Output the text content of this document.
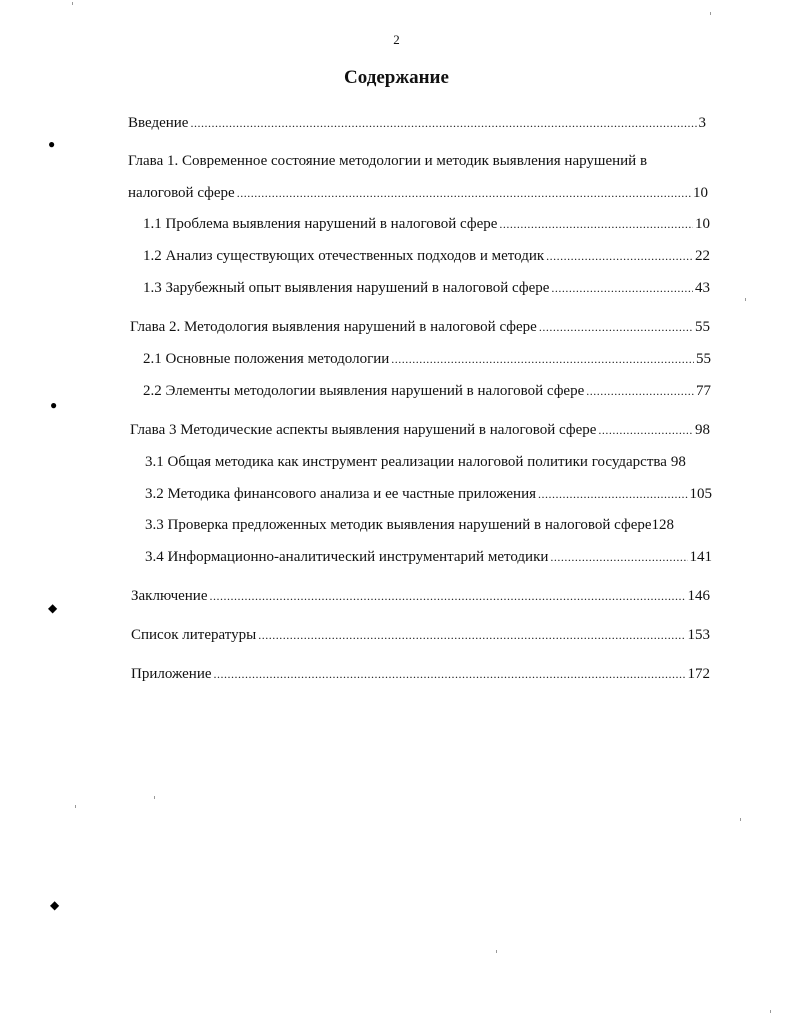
2
Содержание
Введение .....	3
Глава 1. Современное состояние методологии и методик выявления нарушений в
налоговой сфере .....	10
1.1 Проблема выявления нарушений в налоговой сфере .....	10
1.2 Анализ существующих отечественных подходов и методик .....	22
1.3 Зарубежный опыт выявления нарушений в налоговой сфере .....	43
Глава 2. Методология выявления нарушений в налоговой сфере .....	55
2.1 Основные положения методологии .....	55
2.2 Элементы методологии выявления нарушений в налоговой сфере .....	77
Глава 3 Методические аспекты выявления нарушений в налоговой сфере .....	98
3.1 Общая методика как инструмент реализации налоговой политики государства 98
3.2 Методика финансового анализа и ее частные приложения .....	105
3.3 Проверка предложенных методик выявления нарушений в налоговой сфере 128
3.4 Информационно-аналитический инструментарий методики .....	141
Заключение .....	146
Список литературы .....	153
Приложение .....	172
●
●
◆
◆
